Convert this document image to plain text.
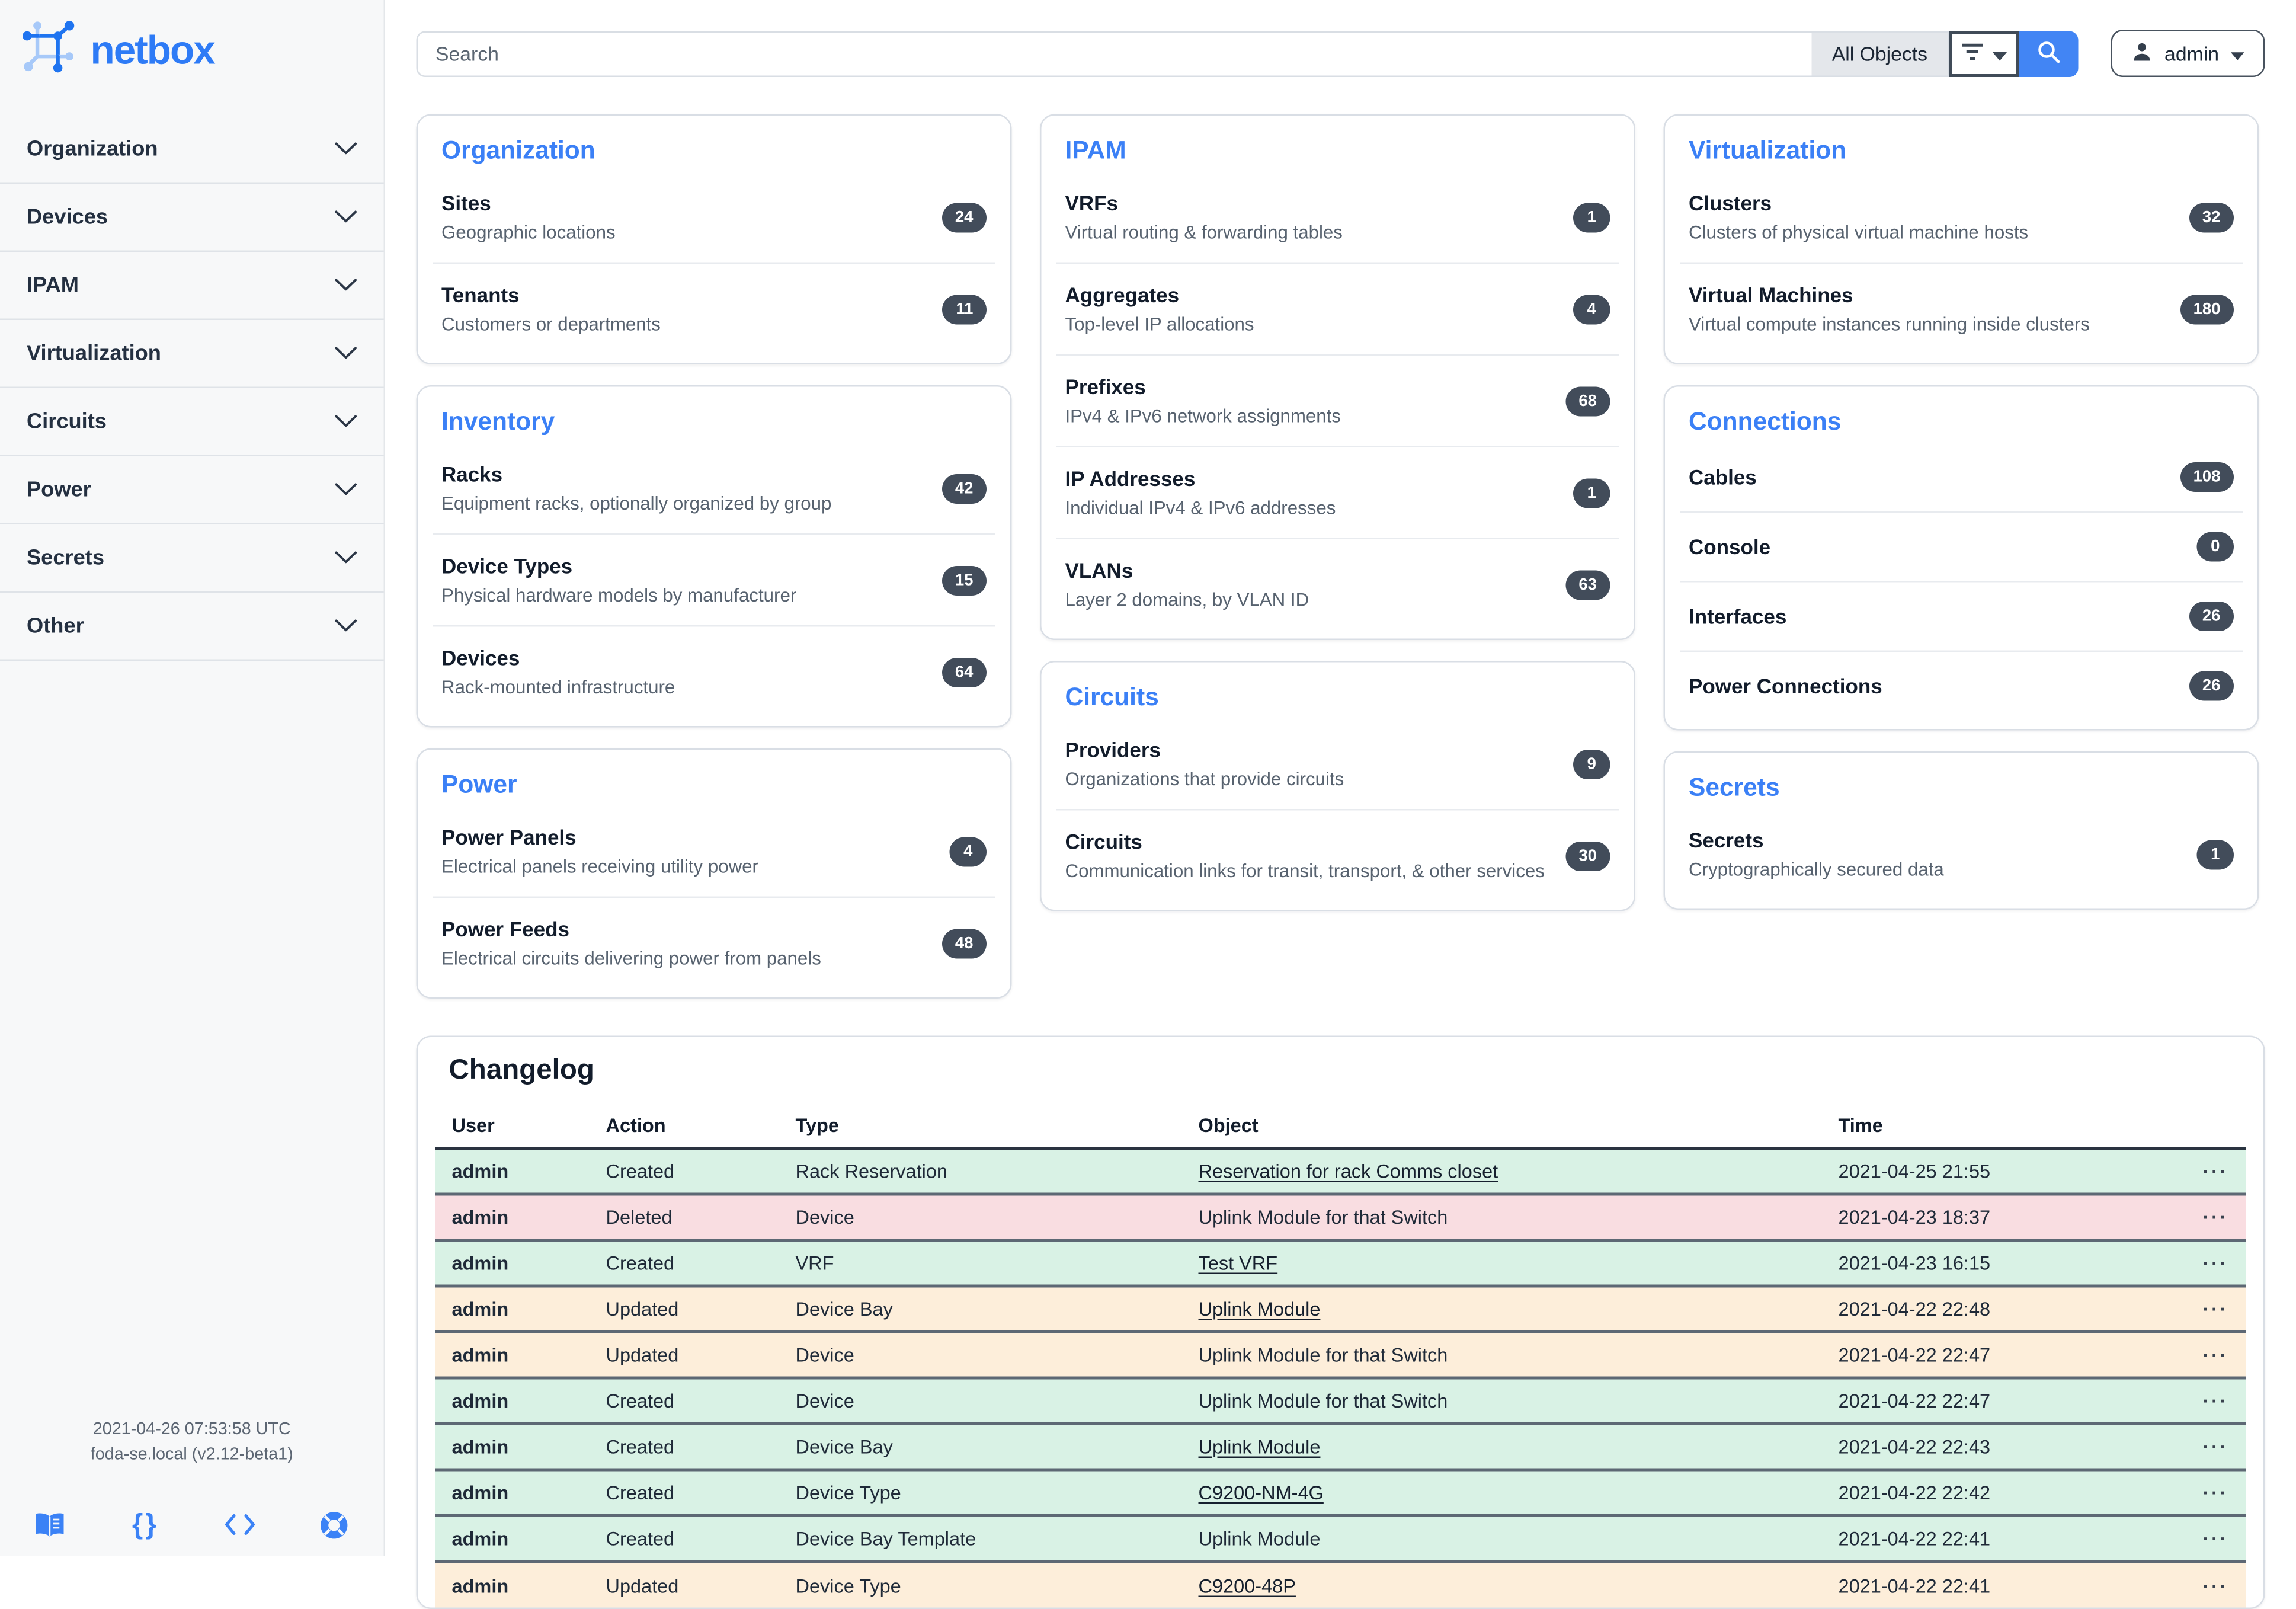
netbox
Organization
Devices
IPAM
Virtualization
Circuits
Power
Secrets
Other
2021-04-26 07:53:58 UTC
foda-se.local (v2.12-beta1)
{ }
Search
All Objects	admin
Organization
Sites
Geographic locations
24
Tenants
Customers or departments
11
Inventory
Racks
Equipment racks, optionally organized by group
42
Device Types
Physical hardware models by manufacturer
15
Devices
Rack-mounted infrastructure
64
Power
Power Panels
Electrical panels receiving utility power
4
Power Feeds
Electrical circuits delivering power from panels
48
IPAM
VRFs
Virtual routing & forwarding tables
1
Aggregates
Top-level IP allocations
4
Prefixes
IPv4 & IPv6 network assignments
68
IP Addresses
Individual IPv4 & IPv6 addresses
1
VLANs
Layer 2 domains, by VLAN ID
63
Circuits
Providers
Organizations that provide circuits
9
Circuits
Communication links for transit, transport, & other services
30
Virtualization
Clusters
Clusters of physical virtual machine hosts
32
Virtual Machines
Virtual compute instances running inside clusters
180
Connections
Cables	108
Console	0
Interfaces	26
Power Connections	26
Secrets
Secrets
Cryptographically secured data
1
Changelog
User	Action	Type	Object	Time	
admin	Created	Rack Reservation	Reservation for rack Comms closet	2021-04-25 21:55	···
admin	Deleted	Device	Uplink Module for that Switch	2021-04-23 18:37	···
admin	Created	VRF	Test VRF	2021-04-23 16:15	···
admin	Updated	Device Bay	Uplink Module	2021-04-22 22:48	···
admin	Updated	Device	Uplink Module for that Switch	2021-04-22 22:47	···
admin	Created	Device	Uplink Module for that Switch	2021-04-22 22:47	···
admin	Created	Device Bay	Uplink Module	2021-04-22 22:43	···
admin	Created	Device Type	C9200-NM-4G	2021-04-22 22:42	···
admin	Created	Device Bay Template	Uplink Module	2021-04-22 22:41	···
admin	Updated	Device Type	C9200-48P	2021-04-22 22:41	···
